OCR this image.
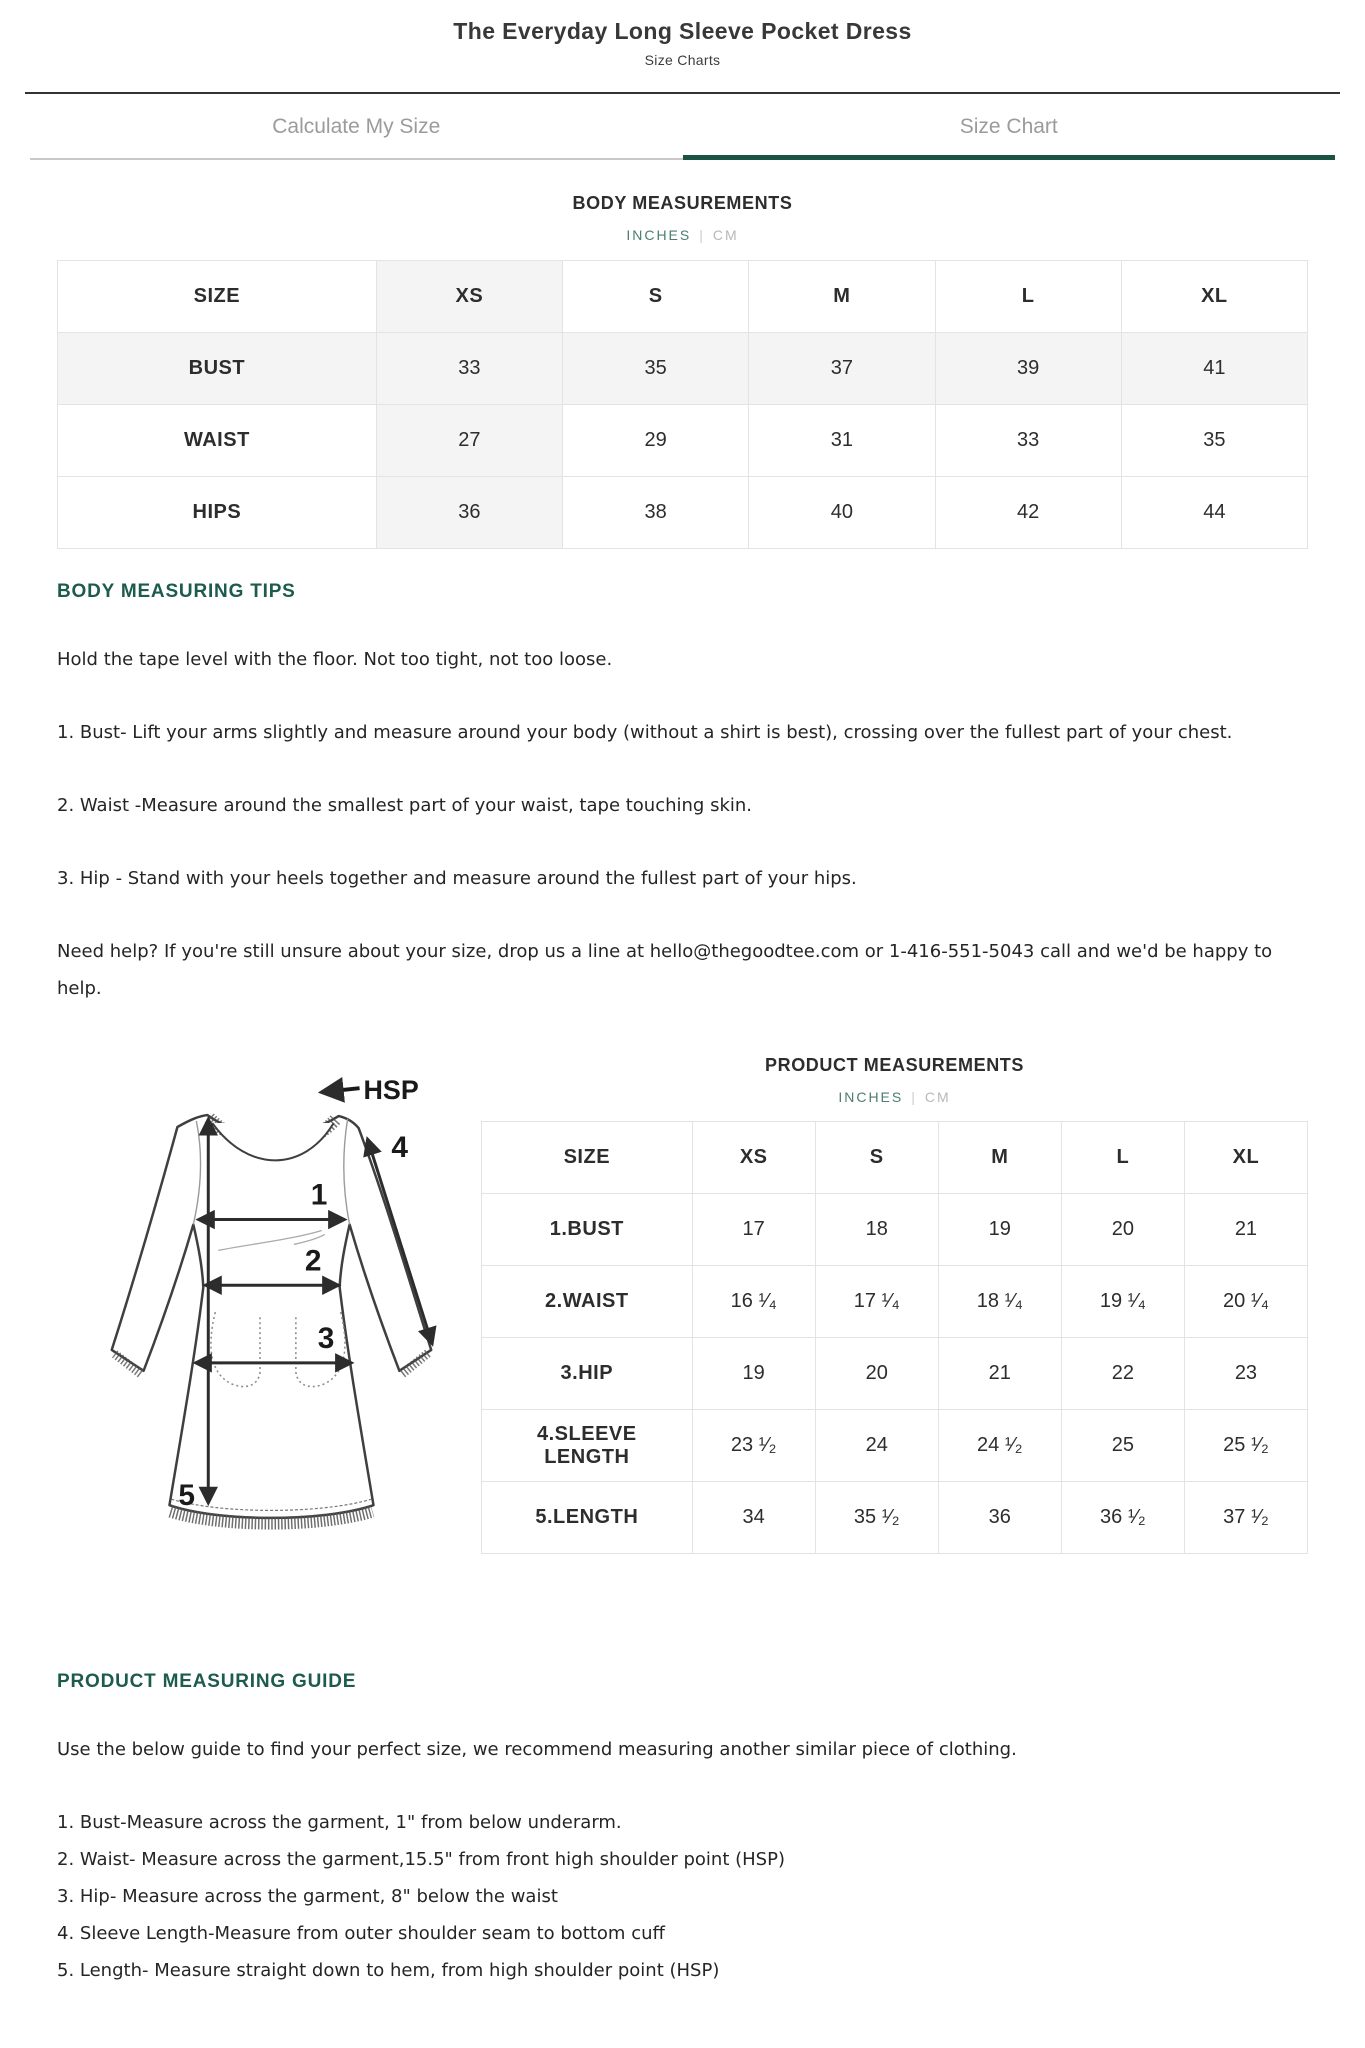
The Everyday Long Sleeve Pocket Dress
Size Charts
Calculate My Size	Size Chart
BODY MEASUREMENTS
INCHES | CM
SIZE	XS	S	M	L	XL
BUST	33	35	37	39	41
WAIST	27	29	31	33	35
HIPS	36	38	40	42	44
BODY MEASURING TIPS

Hold the tape level with the floor. Not too tight, not too loose.

1. Bust- Lift your arms slightly and measure around your body (without a shirt is best), crossing over the fullest part of your chest.

2. Waist -Measure around the smallest part of your waist, tape touching skin.

3. Hip - Stand with your heels together and measure around the fullest part of your hips.

Need help? If you're still unsure about your size, drop us a line at hello@thegoodtee.com or 1-416-551-5043 call and we'd be happy to help.

HSP
1
2
3
4
5
PRODUCT MEASUREMENTS
INCHES | CM
SIZE	XS	S	M	L	XL
1.BUST	17	18	19	20	21
2.WAIST	16 ¹⁄₄	17 ¹⁄₄	18 ¹⁄₄	19 ¹⁄₄	20 ¹⁄₄
3.HIP	19	20	21	22	23
4.SLEEVE LENGTH	23 ¹⁄₂	24	24 ¹⁄₂	25	25 ¹⁄₂
5.LENGTH	34	35 ¹⁄₂	36	36 ¹⁄₂	37 ¹⁄₂
PRODUCT MEASURING GUIDE

Use the below guide to find your perfect size, we recommend measuring another similar piece of clothing.

1. Bust-Measure across the garment, 1" from below underarm.
2. Waist- Measure across the garment,15.5" from front high shoulder point (HSP)
3. Hip- Measure across the garment, 8" below the waist
4. Sleeve Length-Measure from outer shoulder seam to bottom cuff
5. Length- Measure straight down to hem, from high shoulder point (HSP)
